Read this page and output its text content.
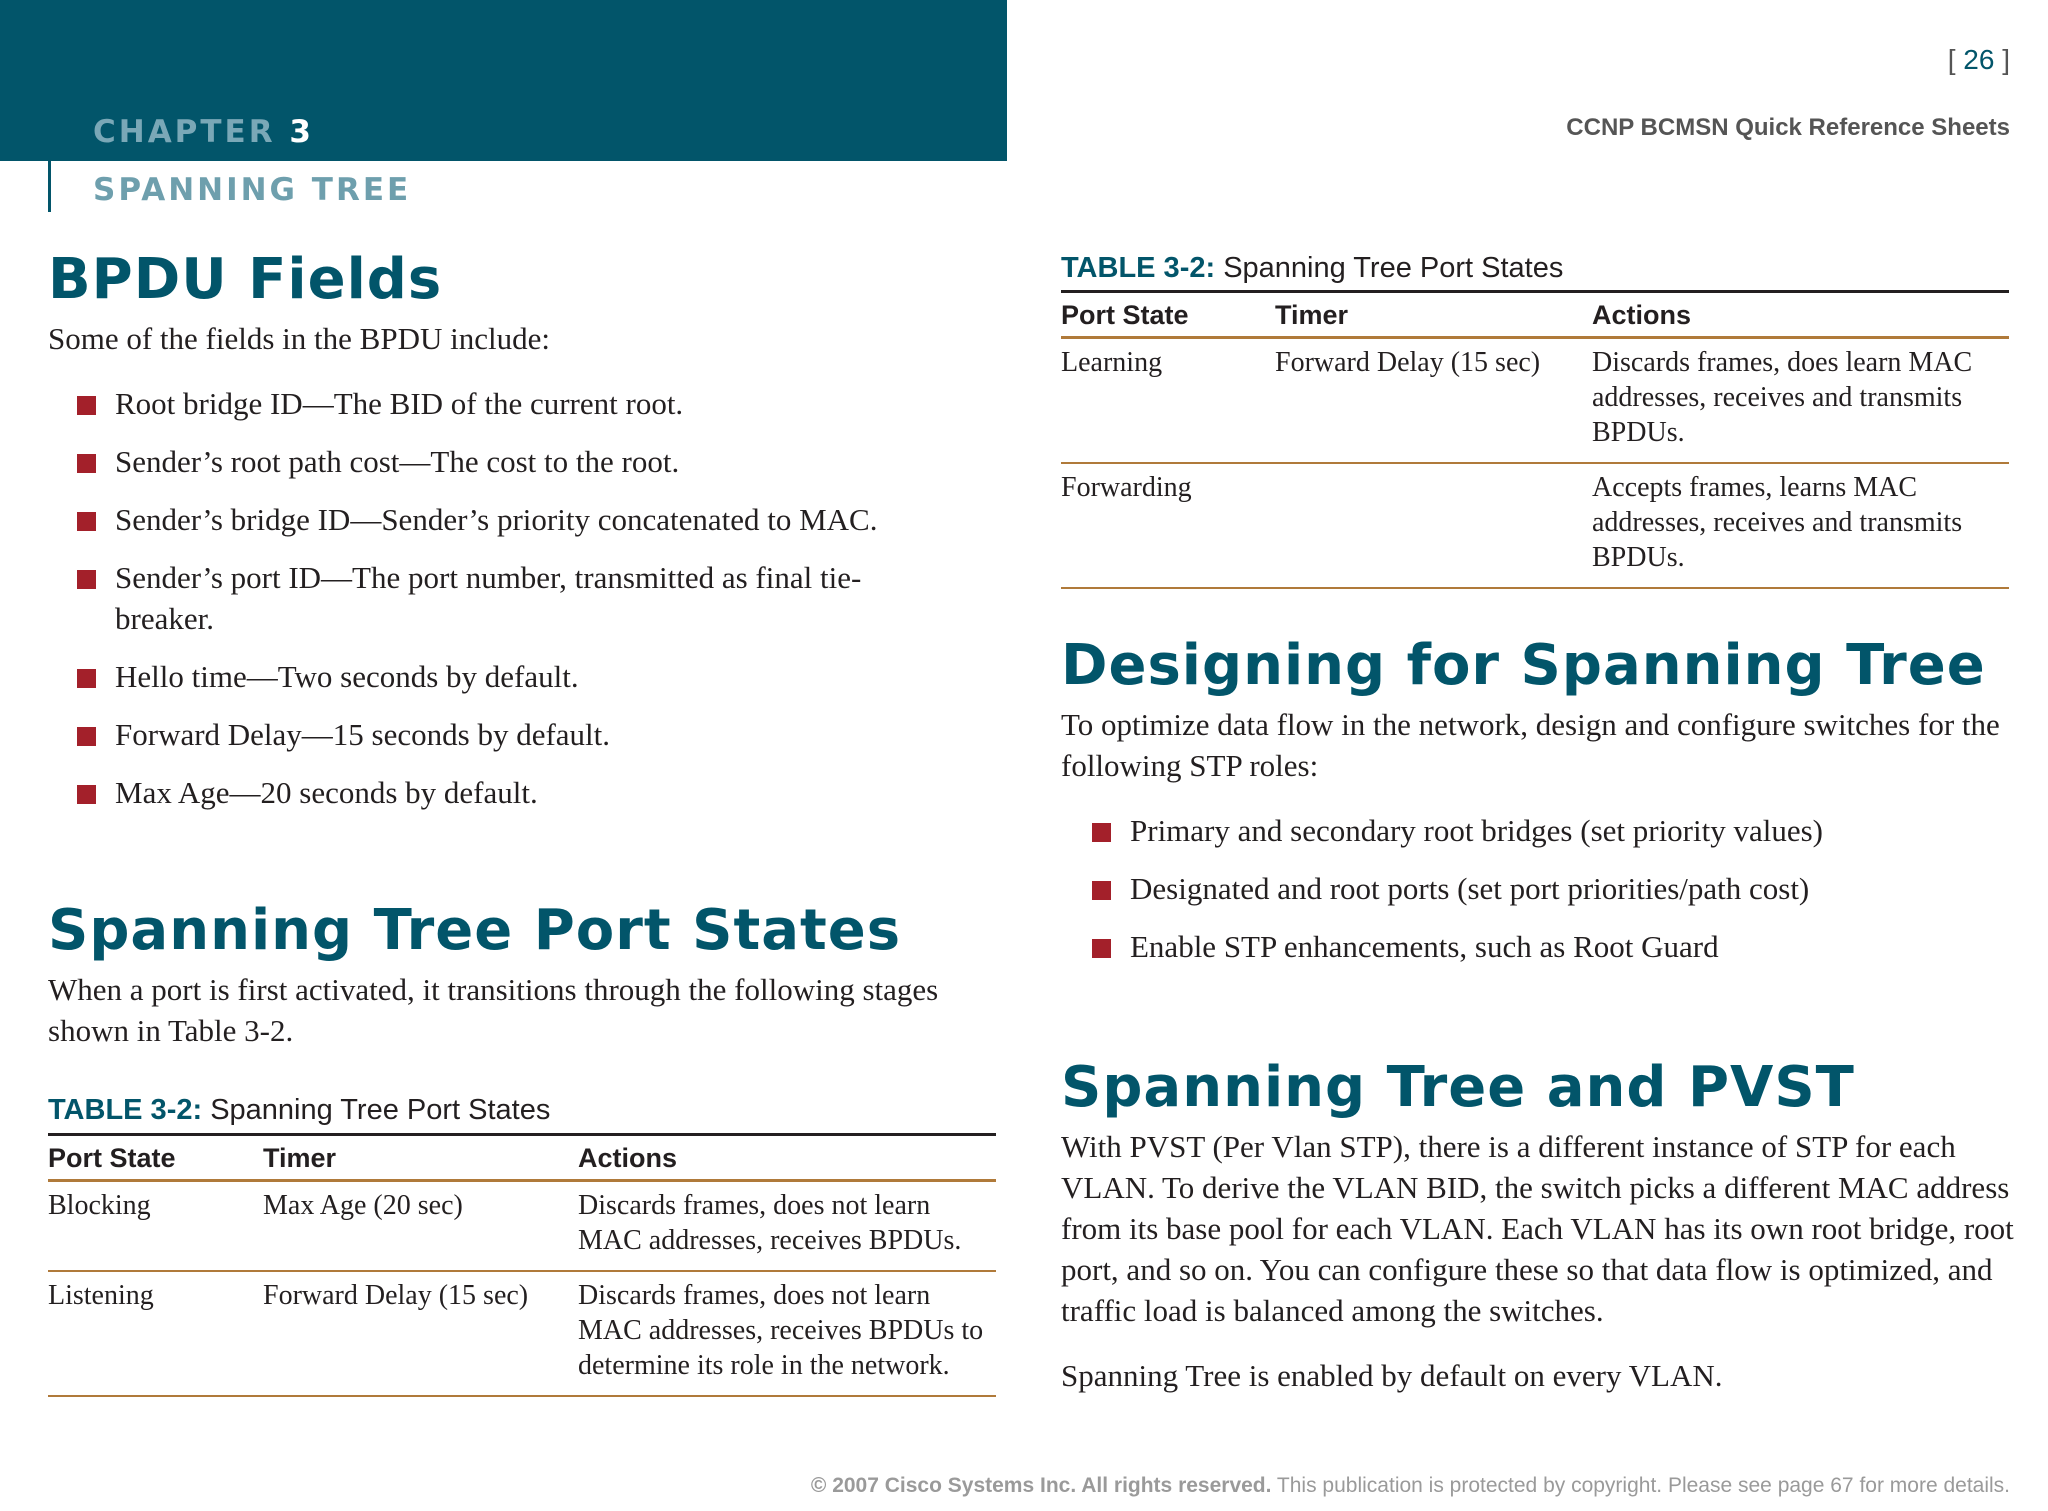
CHAPTER 3
SPANNING TREE
[ 26 ]
CCNP BCMSN Quick Reference Sheets
BPDU Fields
Some of the fields in the BPDU include:
Root bridge ID—The BID of the current root.
Sender’s root path cost—The cost to the root.
Sender’s bridge ID—Sender’s priority concatenated to MAC.
Sender’s port ID—The port number, transmitted as final tie-breaker.
Hello time—Two seconds by default.
Forward Delay—15 seconds by default.
Max Age—20 seconds by default.
Spanning Tree Port States
When a port is first activated, it transitions through the following stages shown in Table 3-2.
TABLE 3-2: Spanning Tree Port States
Port State	Timer	Actions
Blocking	Max Age (20 sec)	Discards frames, does not learn MAC addresses, receives BPDUs.
Listening	Forward Delay (15 sec)	Discards frames, does not learn MAC addresses, receives BPDUs to determine its role in the network.
TABLE 3-2: Spanning Tree Port States
Port State	Timer	Actions
Learning	Forward Delay (15 sec)	Discards frames, does learn MAC addresses, receives and transmits BPDUs.
Forwarding		Accepts frames, learns MAC addresses, receives and transmits BPDUs.
Designing for Spanning Tree
To optimize data flow in the network, design and configure switches for the following STP roles:
Primary and secondary root bridges (set priority values)
Designated and root ports (set port priorities/path cost)
Enable STP enhancements, such as Root Guard
Spanning Tree and PVST
With PVST (Per Vlan STP), there is a different instance of STP for each VLAN. To derive the VLAN BID, the switch picks a different MAC address from its base pool for each VLAN. Each VLAN has its own root bridge, root port, and so on. You can configure these so that data flow is optimized, and traffic load is balanced among the switches.
Spanning Tree is enabled by default on every VLAN.
© 2007 Cisco Systems Inc. All rights reserved. This publication is protected by copyright. Please see page 67 for more details.
